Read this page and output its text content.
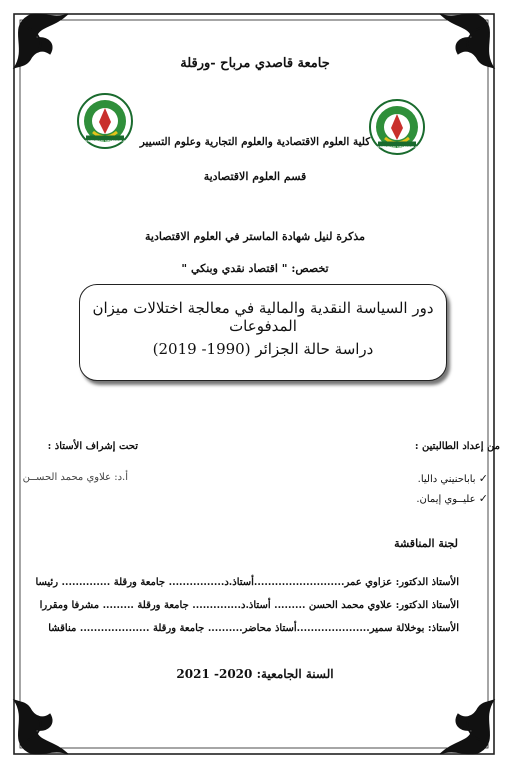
جامعة قاصدي مرباح -ورقلة
UNIVERSITE KASDI MERBAH OUARGLA
UNIVERSITE KASDI MERBAH OUARGLA كلية العلوم الاقتصادية والعلوم التجارية وعلوم التسيير
قسم العلوم الاقتصادية
مذكرة لنيل شهادة الماستر في العلوم الاقتصادية
تخصص: " اقتصاد نقدي وبنكي "
دور السياسة النقدية والمالية في معالجة اختلالات ميزان المدفوعات
دراسة حالة الجزائر (1990- 2019)
من إعداد الطالبتين :
✓ باباحنيني داليا.
✓ عليــوي إيمان.
تحت إشراف الأستاذ :
أ.د: علاوي محمد الحســن
لجنة المناقشة
الأستاذ الدكتور: عزاوي عمر..........................أستاذ.د................ جامعة ورقلة .............. رئيسا
الأستاذ الدكتور: علاوي محمد الحسن ......... أستاذ.د.............. جامعة ورقلة ......... مشرفا ومقررا
الأستاذ: بوخلالة سمير.....................أستاذ محاضر.......... جامعة ورقلة .................... مناقشا
السنة الجامعية: 2020- 2021
